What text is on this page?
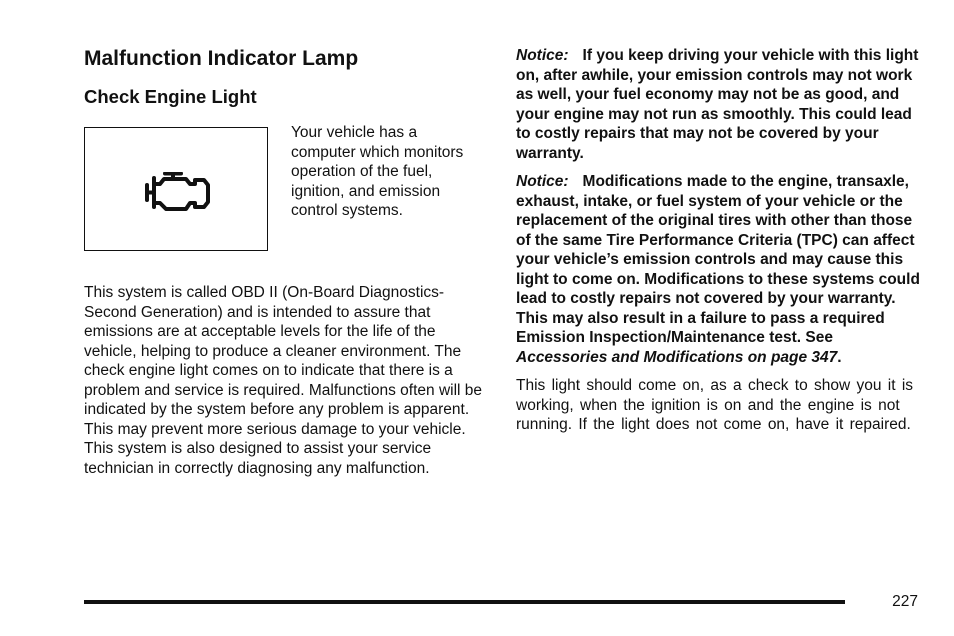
Malfunction Indicator Lamp
Check Engine Light

Your vehicle has a computer which monitors operation of the fuel, ignition, and emission control systems.

This system is called OBD II (On-Board Diagnostics-Second Generation) and is intended to assure that emissions are at acceptable levels for the life of the vehicle, helping to produce a cleaner environment. The check engine light comes on to indicate that there is a problem and service is required. Malfunctions often will be indicated by the system before any problem is apparent. This may prevent more serious damage to your vehicle. This system is also designed to assist your service technician in correctly diagnosing any malfunction.

Notice: If you keep driving your vehicle with this light on, after awhile, your emission controls may not work as well, your fuel economy may not be as good, and your engine may not run as smoothly. This could lead to costly repairs that may not be covered by your warranty.

Notice: Modifications made to the engine, transaxle, exhaust, intake, or fuel system of your vehicle or the replacement of the original tires with other than those of the same Tire Performance Criteria (TPC) can affect your vehicle’s emission controls and may cause this light to come on. Modifications to these systems could lead to costly repairs not covered by your warranty. This may also result in a failure to pass a required Emission Inspection/Maintenance test. See Accessories and Modifications on page 347.

This light should come on, as a check to show you it is working, when the ignition is on and the engine is not running. If the light does not come on, have it repaired.

227
